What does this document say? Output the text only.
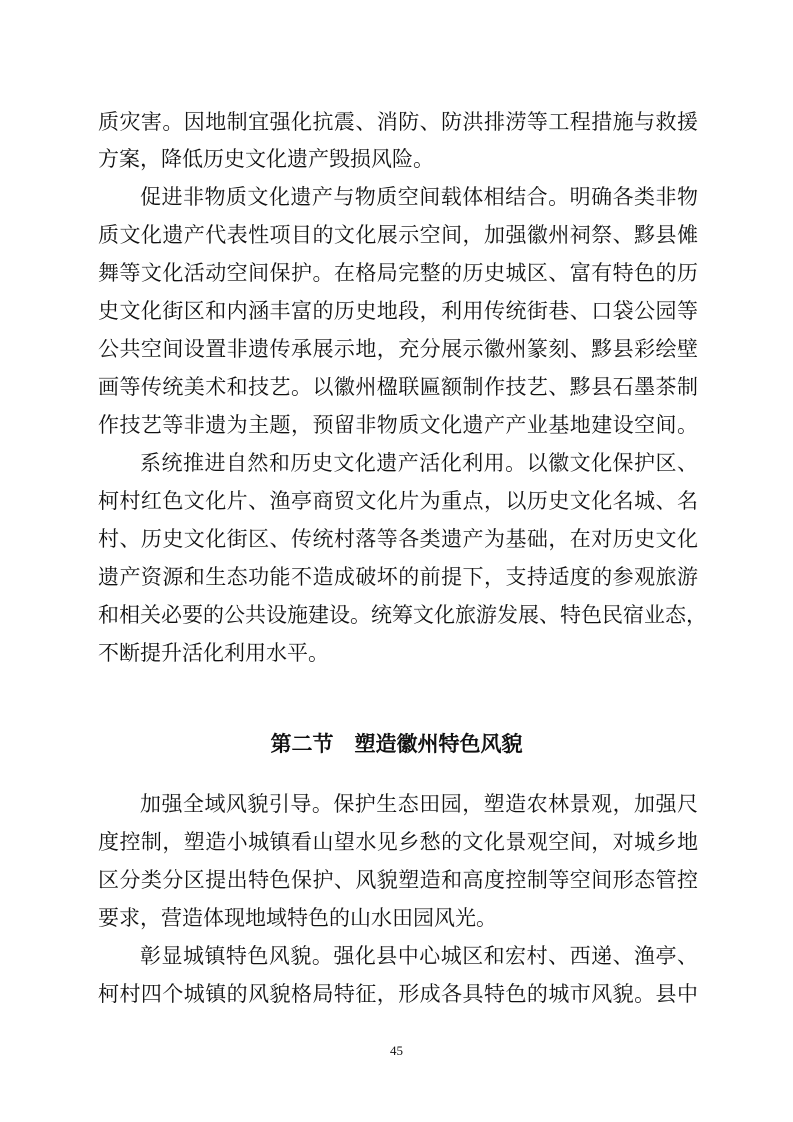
质灾害。因地制宜强化抗震、消防、防洪排涝等工程措施与救援
方案，降低历史文化遗产毁损风险。
促进非物质文化遗产与物质空间载体相结合。明确各类非物
质文化遗产代表性项目的文化展示空间，加强徽州祠祭、黟县傩
舞等文化活动空间保护。在格局完整的历史城区、富有特色的历
史文化街区和内涵丰富的历史地段，利用传统街巷、口袋公园等
公共空间设置非遗传承展示地，充分展示徽州篆刻、黟县彩绘壁
画等传统美术和技艺。以徽州楹联匾额制作技艺、黟县石墨茶制
作技艺等非遗为主题，预留非物质文化遗产产业基地建设空间。
系统推进自然和历史文化遗产活化利用。以徽文化保护区、
柯村红色文化片、渔亭商贸文化片为重点，以历史文化名城、名
村、历史文化街区、传统村落等各类遗产为基础，在对历史文化
遗产资源和生态功能不造成破坏的前提下，支持适度的参观旅游
和相关必要的公共设施建设。统筹文化旅游发展、特色民宿业态，
不断提升活化利用水平。
第二节　塑造徽州特色风貌
加强全域风貌引导。保护生态田园，塑造农林景观，加强尺
度控制，塑造小城镇看山望水见乡愁的文化景观空间，对城乡地
区分类分区提出特色保护、风貌塑造和高度控制等空间形态管控
要求，营造体现地域特色的山水田园风光。
彰显城镇特色风貌。强化县中心城区和宏村、西递、渔亭、
柯村四个城镇的风貌格局特征，形成各具特色的城市风貌。县中
45
